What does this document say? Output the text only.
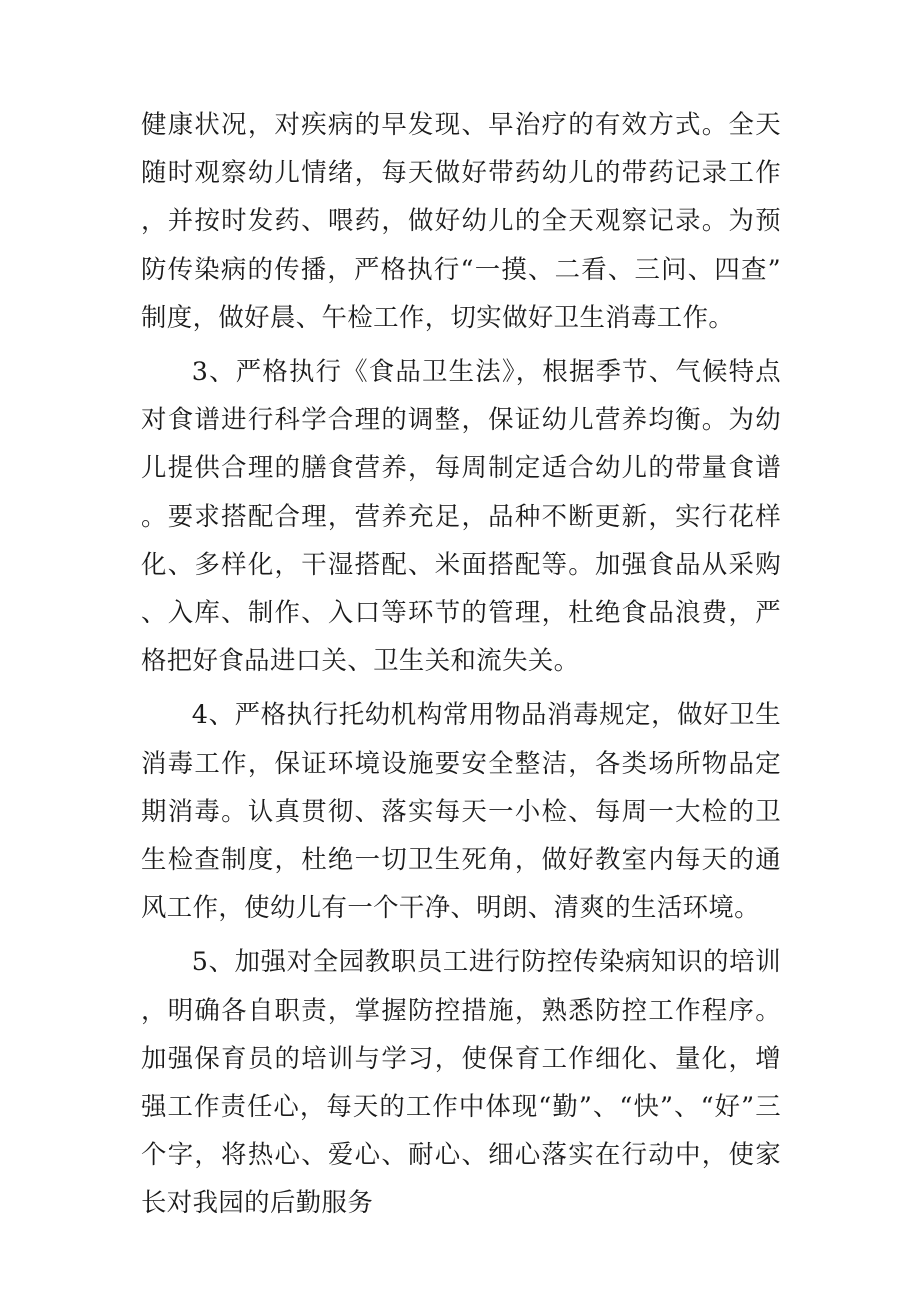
健康状况，对疾病的早发现、早治疗的有效方式。全天随时观察幼儿情绪，每天做好带药幼儿的带药记录工作，并按时发药、喂药，做好幼儿的全天观察记录。为预防传染病的传播，严格执行“一摸、二看、三问、四查”制度，做好晨、午检工作，切实做好卫生消毒工作。

3、严格执行《食品卫生法》，根据季节、气候特点对食谱进行科学合理的调整，保证幼儿营养均衡。为幼儿提供合理的膳食营养，每周制定适合幼儿的带量食谱。要求搭配合理，营养充足，品种不断更新，实行花样化、多样化，干湿搭配、米面搭配等。加强食品从采购、入库、制作、入口等环节的管理，杜绝食品浪费，严格把好食品进口关、卫生关和流失关。

4、严格执行托幼机构常用物品消毒规定，做好卫生消毒工作，保证环境设施要安全整洁，各类场所物品定期消毒。认真贯彻、落实每天一小检、每周一大检的卫生检查制度，杜绝一切卫生死角，做好教室内每天的通风工作，使幼儿有一个干净、明朗、清爽的生活环境。

5、加强对全园教职员工进行防控传染病知识的培训，明确各自职责，掌握防控措施，熟悉防控工作程序。加强保育员的培训与学习，使保育工作细化、量化，增强工作责任心，每天的工作中体现“勤”、“快”、“好”三个字，将热心、爱心、耐心、细心落实在行动中，使家长对我园的后勤服务
